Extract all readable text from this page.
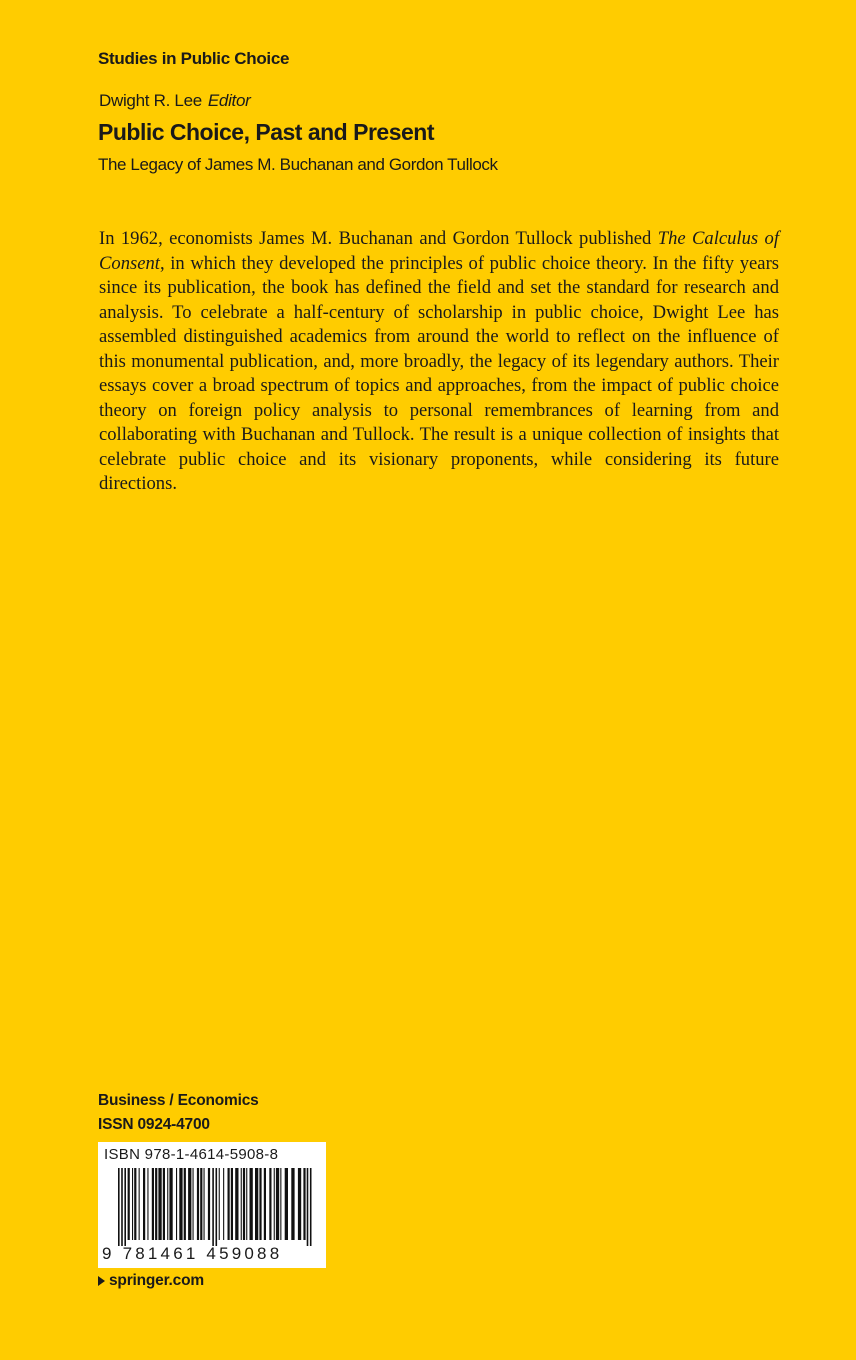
Studies in Public Choice
Dwight R. Lee Editor
Public Choice, Past and Present
The Legacy of James M. Buchanan and Gordon Tullock

In 1962, economists James M. Buchanan and Gordon Tullock published The Calculus of Consent, in which they developed the principles of public choice theory. In the fifty years since its publication, the book has defined the field and set the standard for research and analysis. To celebrate a half-century of scholarship in public choice, Dwight Lee has assembled distinguished academics from around the world to reflect on the influence of this monumental publication, and, more broadly, the legacy of its legendary authors. Their essays cover a broad spectrum of topics and approaches, from the impact of public choice theory on foreign policy analysis to personal remembrances of learning from and collaborating with Buchanan and Tullock. The result is a unique collection of insights that celebrate public choice and its visionary proponents, while considering its future directions.

Business / Economics
ISSN 0924-4700
ISBN 978-1-4614-5908-8
9 781461 459088
springer.com
